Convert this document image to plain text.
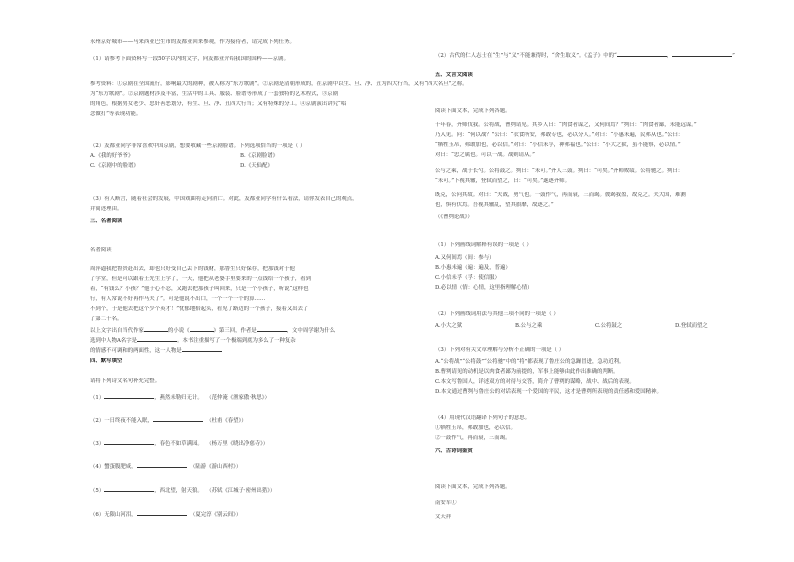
永州京好城市——马来西亚巴生市的友都亚回来参观，作为接待者，请完成下列任务。
（1）请参考下面资料写一段50字以内的文字，向友都亚介绍我国的国粹——京剧。
参考资料：①京剧在全国流行，影响最大的剧种，被人称为“东方歌剧”。②京剧是清朝形成的，在京剧中以生、旦、净、丑为四大行当，又有“四大名旦”之称。
为“东方歌剧”。②京剧题材涉及丰富，生活中的工具、服装、脸谱等形成了一套独特的艺术程式，③京剧
的角色，根据男女老少、忠奸善恶划分，有生、旦、净、丑四大行当；又有特殊的分工。④京剧演出讲究“唱
念做打”等表现功能。
（2）友都亚同学非常喜欢中国京剧，想要收藏一些京剧脸谱。下列选项恰当的一项是（ ）
A.《我的好爷爷》	B.《京剧脸谱》
C.《京剧中的脸谱》	D.《天仙配》
（3）有人断言，随着社会的发展，中国戏曲将走向消亡。对此，友都亚同学有什么看法，请你发表自己的观点，
并简述理由。
三、名著阅读
名著阅读
周萍逼我把鲁贵赶出去，却也只好受自己丢下的钱财，那鲁生只好保存，把那钱对于他
了学堂，但是可以跟着王先生上学了，一天，他把从老婆手里要来的一点钱给一个孩子，看到
着，“有钱么？小孩？”他于心不忍，又跑去把那孩子叫回来，只是一个小孩子，听说“这样也
行，有人常说不好再作马夫了”。可是他说不出口，一个一个一个的算……
不到个，于是他去把这个少个英才！”忧郁地抬起头，看见了路边的一个孩子，接着又出去了
了第二十名。
以上文字出自当代作家	的小说《	》第三回，作者是	，文中周学谢为什么
选到中人物A名字是	。本书注重描写了一个极端到底为多么了一种复杂
的情感不可调和的两面性，这一人物是
四、默写填空
请将下列诗文名句补充完整。
（1）	，燕然未勒归无计。 （范仲淹《渔家傲·秋思》）
（2）一日终夜不能入眠，	（杜甫《春望》）
（3）	，春色不如草满园。 （杨万里《晓出净慈寺》）
（4）蟹蛋腹肥咸，	（陆游《游山西村》）
（5）	，西北望，射天狼。 （苏轼《江城子·密州出猎》）
（6）无限山河泪，	（夏完淳《别云间》）
（2）古代的仁人志士在“生”与“义”不能兼得时，“舍生取义”。《孟子》中的“	，	”
五、文言文阅读
阅读下面文本，完成下列各题。
十年春，齐师伐我。公将战，曹刿请见。其乡人曰：“肉食者谋之，又何间焉？”刿曰：“肉食者鄙，未能远谋。”
乃入见。问：“何以战？”公曰：“衣食所安，弗敢专也，必以分人。”对曰：“小惠未遍，民弗从也。”公曰：
“牺牲玉帛，弗敢加也，必以信。”对曰：“小信未孚，神弗福也。”公曰：“小大之狱，虽不能察，必以情。”
对曰：“忠之属也。可以一战。战则请从。”
公与之乘，战于长勺。公将鼓之。刿曰：“未可。”齐人三鼓。刿曰：“可矣。”齐师败绩。公将驰之。刿曰：
“未可。”下视其辙，登轼而望之，曰：“可矣。”遂逐齐师。
既克，公问其故。对曰：“夫战，勇气也。一鼓作气，再而衰，三而竭。彼竭我盈，故克之。夫大国，难测
也，惧有伏焉。吾视其辙乱，望其旗靡，故逐之。”
（《曹刿论战》）
（1）下列画线词解释有误的一项是（ ）
A.又何间焉（间：参与）
B.小惠未遍（遍：遍及，普遍）
C.小信未孚（孚：使信服）
D.必以情（情：心情，这里指理解心情）
（2）下列画线词用法与其他三项不同的一项是（ ）
A.小大之狱	B.公与之乘	C.公将鼓之	D.登轼而望之
（3）下列对有关文章理解与分析不正确的一项是（ ）
A.“公将战”“公将鼓”“公将驰”中的“将”都表现了鲁庄公的急躁冒进，急功近利。
B.曹刿请见的动机是以肉食者鄙为前提的，军事上能够由此作出准确的判断。
C.本文写鲁国人，详述双方的对待与交答，简介了曹刿的谋略，战中、战后的表现。
D.本文通过曹刿与鲁庄公的对话表现一个爱国的平民，这才是曹刿所表现的责任感和爱国精神。
（4）用现代汉语翻译下列句子的意思。
①牺牲玉帛，弗敢加也，必以信。
②一鼓作气，再而衰，三而竭。
六、古诗词鉴赏
阅读下面文本，完成下列各题。
南安军①
文天祥
